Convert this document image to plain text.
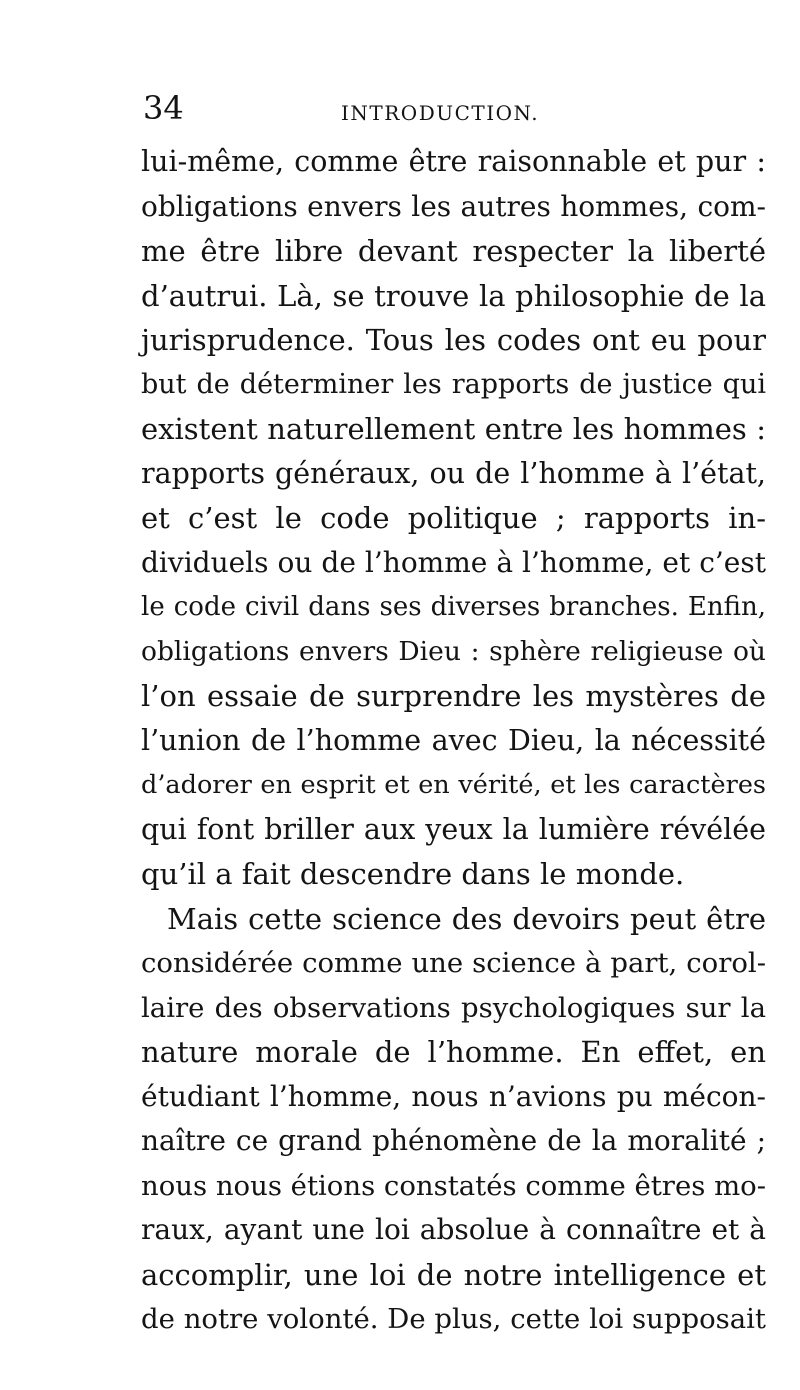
34	INTRODUCTION.
lui-même, comme être raisonnable et pur :
obligations envers les autres hommes, com-
me être libre devant respecter la liberté
d’autrui. Là, se trouve la philosophie de la
jurisprudence. Tous les codes ont eu pour
but de déterminer les rapports de justice qui
existent naturellement entre les hommes :
rapports généraux, ou de l’homme à l’état,
et c’est le code politique ; rapports in-
dividuels ou de l’homme à l’homme, et c’est
le code civil dans ses diverses branches. Enfin,
obligations envers Dieu : sphère religieuse où
l’on essaie de surprendre les mystères de
l’union de l’homme avec Dieu, la nécessité
d’adorer en esprit et en vérité, et les caractères
qui font briller aux yeux la lumière révélée
qu’il a fait descendre dans le monde.
Mais cette science des devoirs peut être
considérée comme une science à part, corol-
laire des observations psychologiques sur la
nature morale de l’homme. En effet, en
étudiant l’homme, nous n’avions pu mécon-
naître ce grand phénomène de la moralité ;
nous nous étions constatés comme êtres mo-
raux, ayant une loi absolue à connaître et à
accomplir, une loi de notre intelligence et
de notre volonté. De plus, cette loi supposait
